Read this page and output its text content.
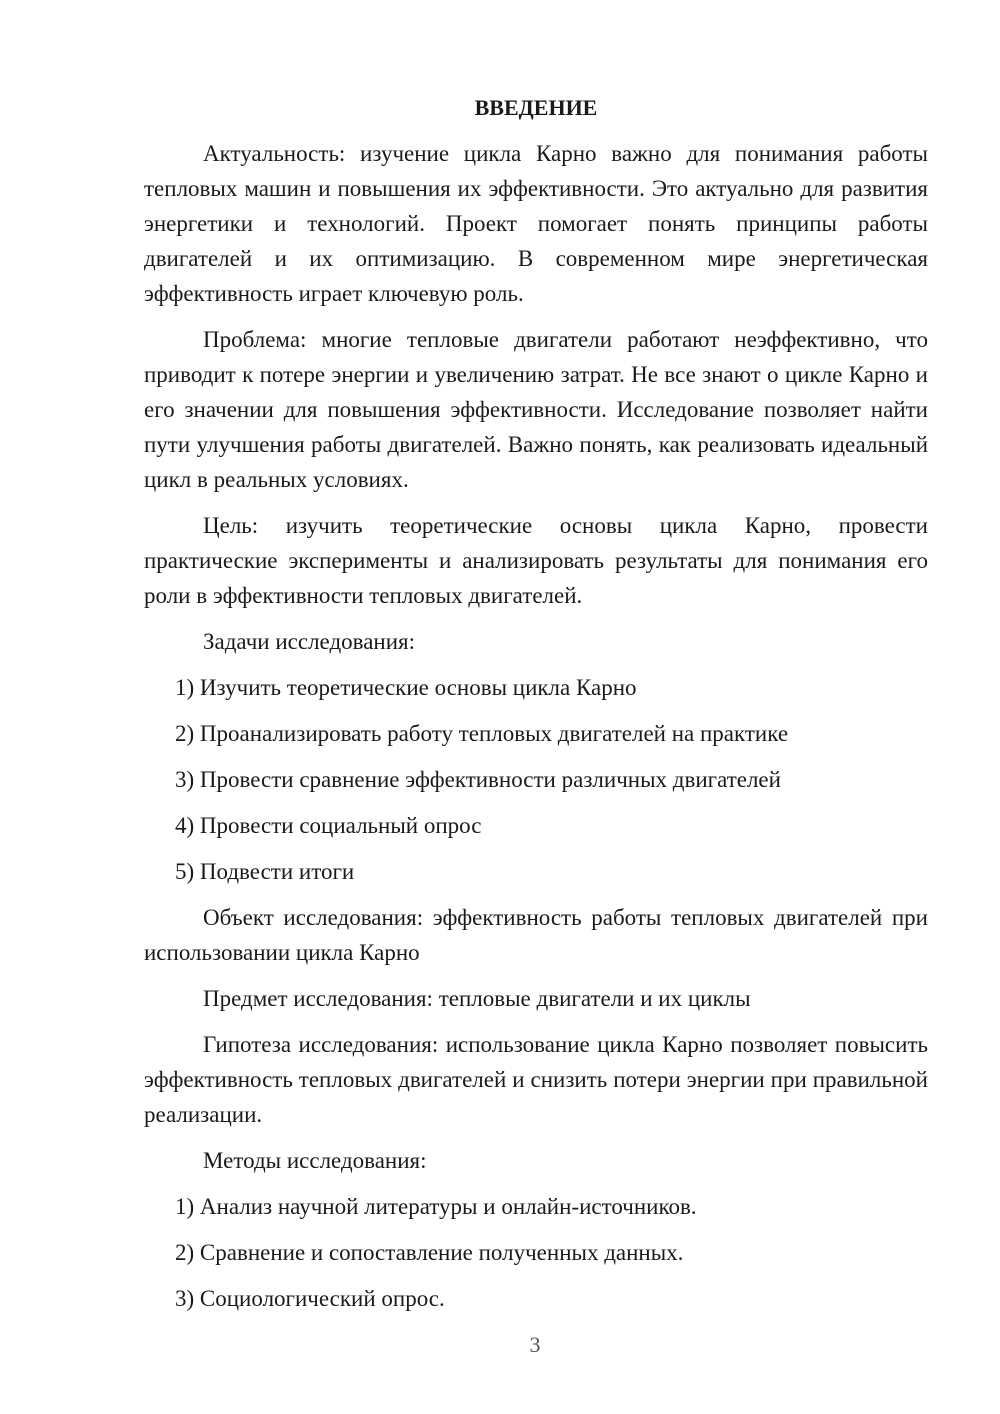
ВВЕДЕНИЕ
Актуальность: изучение цикла Карно важно для понимания работы тепловых машин и повышения их эффективности. Это актуально для развития энергетики и технологий. Проект помогает понять принципы работы двигателей и их оптимизацию. В современном мире энергетическая эффективность играет ключевую роль.
Проблема: многие тепловые двигатели работают неэффективно, что приводит к потере энергии и увеличению затрат. Не все знают о цикле Карно и его значении для повышения эффективности. Исследование позволяет найти пути улучшения работы двигателей. Важно понять, как реализовать идеальный цикл в реальных условиях.
Цель: изучить теоретические основы цикла Карно, провести практические эксперименты и анализировать результаты для понимания его роли в эффективности тепловых двигателей.
Задачи исследования:
1) Изучить теоретические основы цикла Карно
2) Проанализировать работу тепловых двигателей на практике
3) Провести сравнение эффективности различных двигателей
4) Провести социальный опрос
5) Подвести итоги
Объект исследования: эффективность работы тепловых двигателей при использовании цикла Карно
Предмет исследования: тепловые двигатели и их циклы
Гипотеза исследования: использование цикла Карно позволяет повысить эффективность тепловых двигателей и снизить потери энергии при правильной реализации.
Методы исследования:
1) Анализ научной литературы и онлайн-источников.
2) Сравнение и сопоставление полученных данных.
3) Социологический опрос.
3
